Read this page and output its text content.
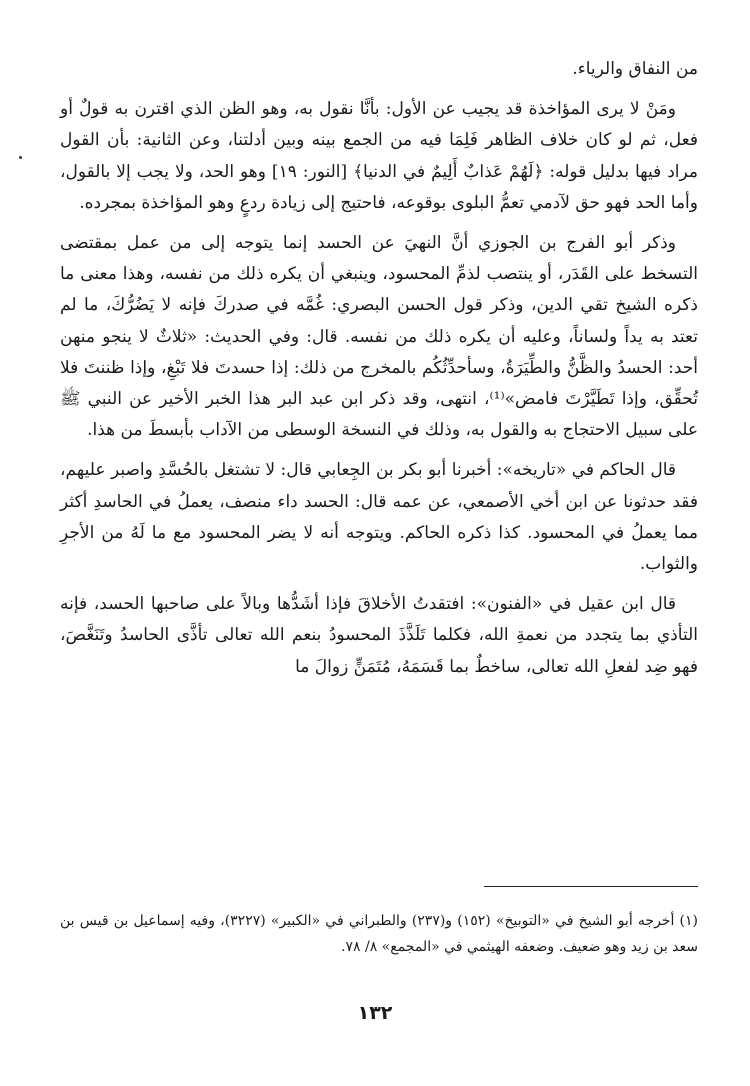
من النفاق والرياء.

ومَنْ لا يرى المؤاخذة قد يجيب عن الأول: بأنَّا نقول به، وهو الظن الذي اقترن به قولٌ أو فعل، ثم لو كان خلاف الظاهر فَلِمَا فيه من الجمع بينه وبين أدلتنا، وعن الثانية: بأن القول مراد فيها بدليل قوله: ﴿لَهُمْ عَذابٌ أَلِيمٌ في الدنيا﴾ [النور: ١٩] وهو الحد، ولا يجب إلا بالقول، وأما الحد فهو حق لآدمي تعمُّ البلوى بوقوعه، فاحتيج إلى زيادة ردعٍ وهو المؤاخذة بمجرده.

وذكر أبو الفرج بن الجوزي أنَّ النهيَ عن الحسد إنما يتوجه إلى من عمل بمقتضى التسخط على القَدَر، أو ينتصب لذمِّ المحسود، وينبغي أن يكره ذلك من نفسه، وهذا معنى ما ذكره الشيخ تقي الدين، وذكر قول الحسن البصري: غُمَّه في صدركَ فإنه لا يَضُرُّكَ، ما لم تعتد به يداً ولساناً، وعليه أن يكره ذلك من نفسه. قال: وفي الحديث: «ثلاثٌ لا ينجو منهن أحد: الحسدُ والظَّنُّ والطِّيَرَةُ، وسأحدِّثُكُم بالمخرج من ذلك: إذا حسدتَ فلا تَبْغِ، وإذا ظننتَ فلا تُحقِّق، وإذا تَطَيَّرْتَ فامض»⁽¹⁾، انتهى، وقد ذكر ابن عبد البر هذا الخبر الأخير عن النبي ﷺ على سبيل الاحتجاج به والقول به، وذلك في النسخة الوسطى من الآداب بأبسطَ من هذا.

قال الحاكم في «تاريخه»: أخبرنا أبو بكر بن الجِعابي قال: لا تشتغل بالحُسَّدِ واصبر عليهم، فقد حدثونا عن ابن أخي الأصمعي، عن عمه قال: الحسد داء منصف، يعملُ في الحاسدِ أكثر مما يعملُ في المحسود. كذا ذكره الحاكم. ويتوجه أنه لا يضر المحسود مع ما لَهُ من الأجرِ والثواب.

قال ابن عقيل في «الفنون»: افتقدتُ الأخلاقَ فإذا أشَدُّها وبالاً على صاحبها الحسد، فإنه التأذي بما يتجدد من نعمةِ الله، فكلما تَلَذَّذَ المحسودُ بنعم الله تعالى تأذَّى الحاسدُ وتَنَغَّصَ، فهو ضِد لفعلِ الله تعالى، ساخطٌ بما قَسَمَهُ، مُتَمَنٍّ زوالَ ما

(١) أخرجه أبو الشيخ في «التوبيخ» (١٥٢) و(٢٣٧) والطبراني في «الكبير» (٣٢٢٧)، وفيه إسماعيل بن قيس بن سعد بن زيد وهو ضعيف. وضعفه الهيثمي في «المجمع» ٨/ ٧٨.

١٣٢
